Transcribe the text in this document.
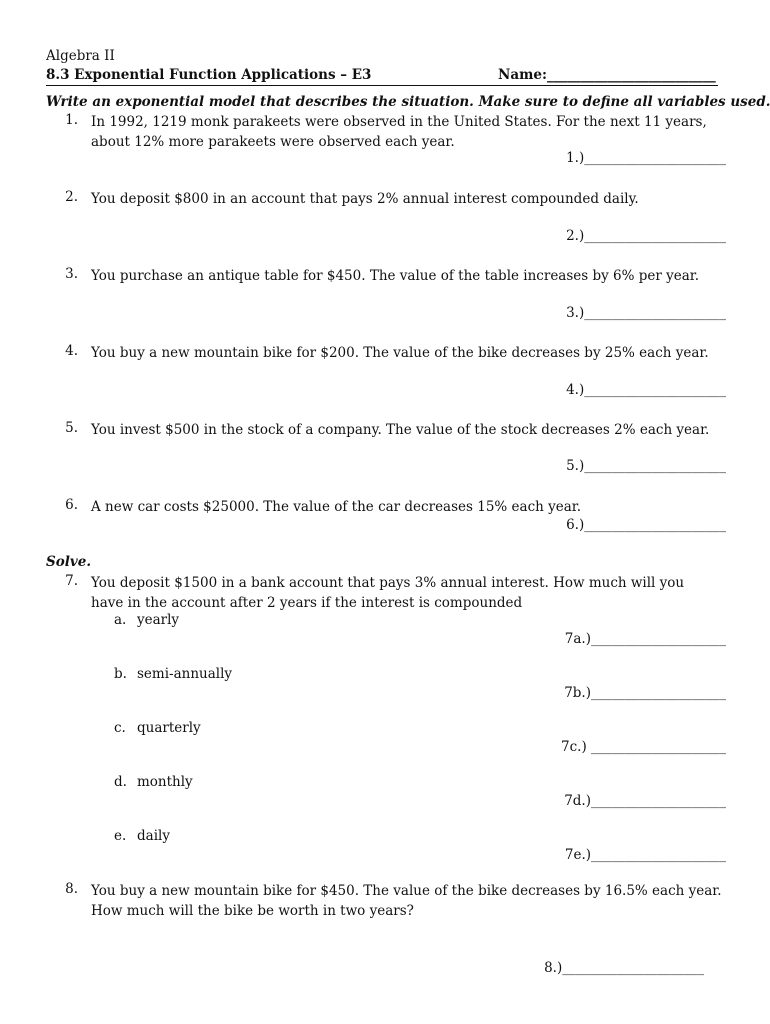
Algebra II
8.3 Exponential Function Applications – E3	Name:_________________________
Write an exponential model that describes the situation. Make sure to define all variables used.
1. In 1992, 1219 monk parakeets were observed in the United States. For the next 11 years, about 12% more parakeets were observed each year.
1.)_____________________
2. You deposit $800 in an account that pays 2% annual interest compounded daily.
2.)_____________________
3. You purchase an antique table for $450. The value of the table increases by 6% per year.
3.)_____________________
4. You buy a new mountain bike for $200. The value of the bike decreases by 25% each year.
4.)_____________________
5. You invest $500 in the stock of a company. The value of the stock decreases 2% each year.
5.)_____________________
6. A new car costs $25000. The value of the car decreases 15% each year.
6.)_____________________
Solve.
7. You deposit $1500 in a bank account that pays 3% annual interest. How much will you have in the account after 2 years if the interest is compounded
a. yearly
7a.)____________________
b. semi-annually
7b.)____________________
c. quarterly
7c.) ____________________
d. monthly
7d.)____________________
e. daily
7e.)____________________
8. You buy a new mountain bike for $450. The value of the bike decreases by 16.5% each year. How much will the bike be worth in two years?
8.)_____________________
